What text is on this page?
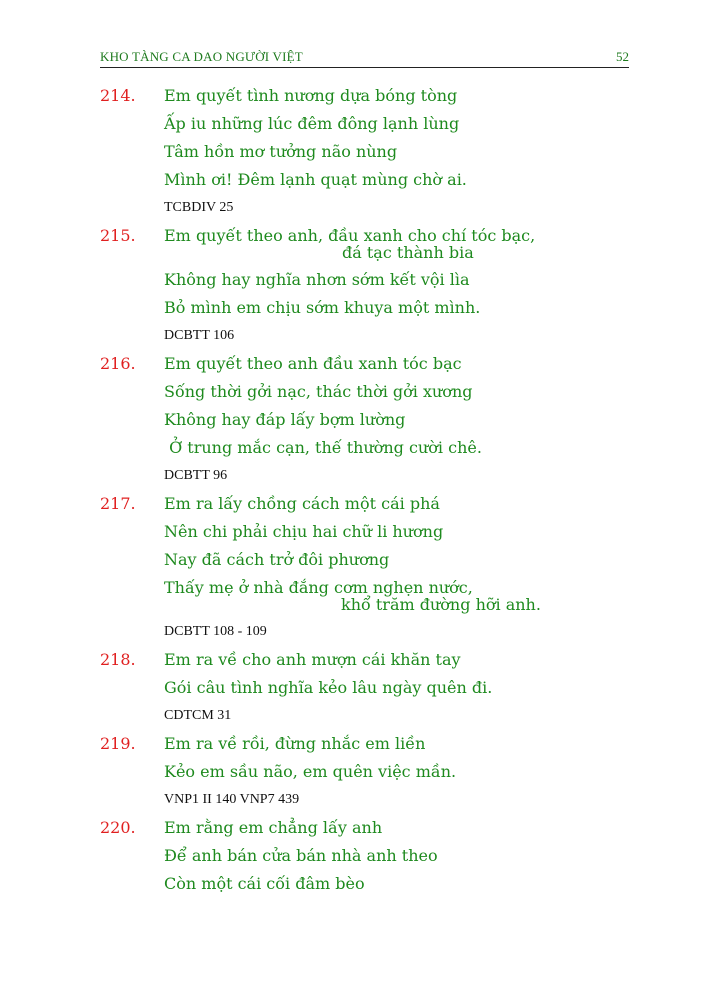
KHO TÀNG CA DAO NGƯỜI VIỆT	52
214. Em quyết tình nương dựa bóng tòng
Ấp iu những lúc đêm đông lạnh lùng
Tâm hồn mơ tưởng não nùng
Mình ơi! Đêm lạnh quạt mùng chờ ai.
TCBDIV 25
215. Em quyết theo anh, đầu xanh cho chí tóc bạc,
đá tạc thành bia
Không hay nghĩa nhơn sớm kết vội lìa
Bỏ mình em chịu sớm khuya một mình.
DCBTT 106
216. Em quyết theo anh đầu xanh tóc bạc
Sống thời gởi nạc, thác thời gởi xương
Không hay đáp lấy bợm lường
Ở trung mắc cạn, thế thường cười chê.
DCBTT 96
217. Em ra lấy chồng cách một cái phá
Nên chi phải chịu hai chữ li hương
Nay đã cách trở đôi phương
Thấy mẹ ở nhà đắng cơm nghẹn nước,
khổ trăm đường hỡi anh.
DCBTT 108 - 109
218. Em ra về cho anh mượn cái khăn tay
Gói câu tình nghĩa kẻo lâu ngày quên đi.
CDTCM 31
219. Em ra về rồi, đừng nhắc em liền
Kẻo em sầu não, em quên việc mần.
VNP1 II 140 VNP7 439
220. Em rằng em chẳng lấy anh
Để anh bán cửa bán nhà anh theo
Còn một cái cối đâm bèo
